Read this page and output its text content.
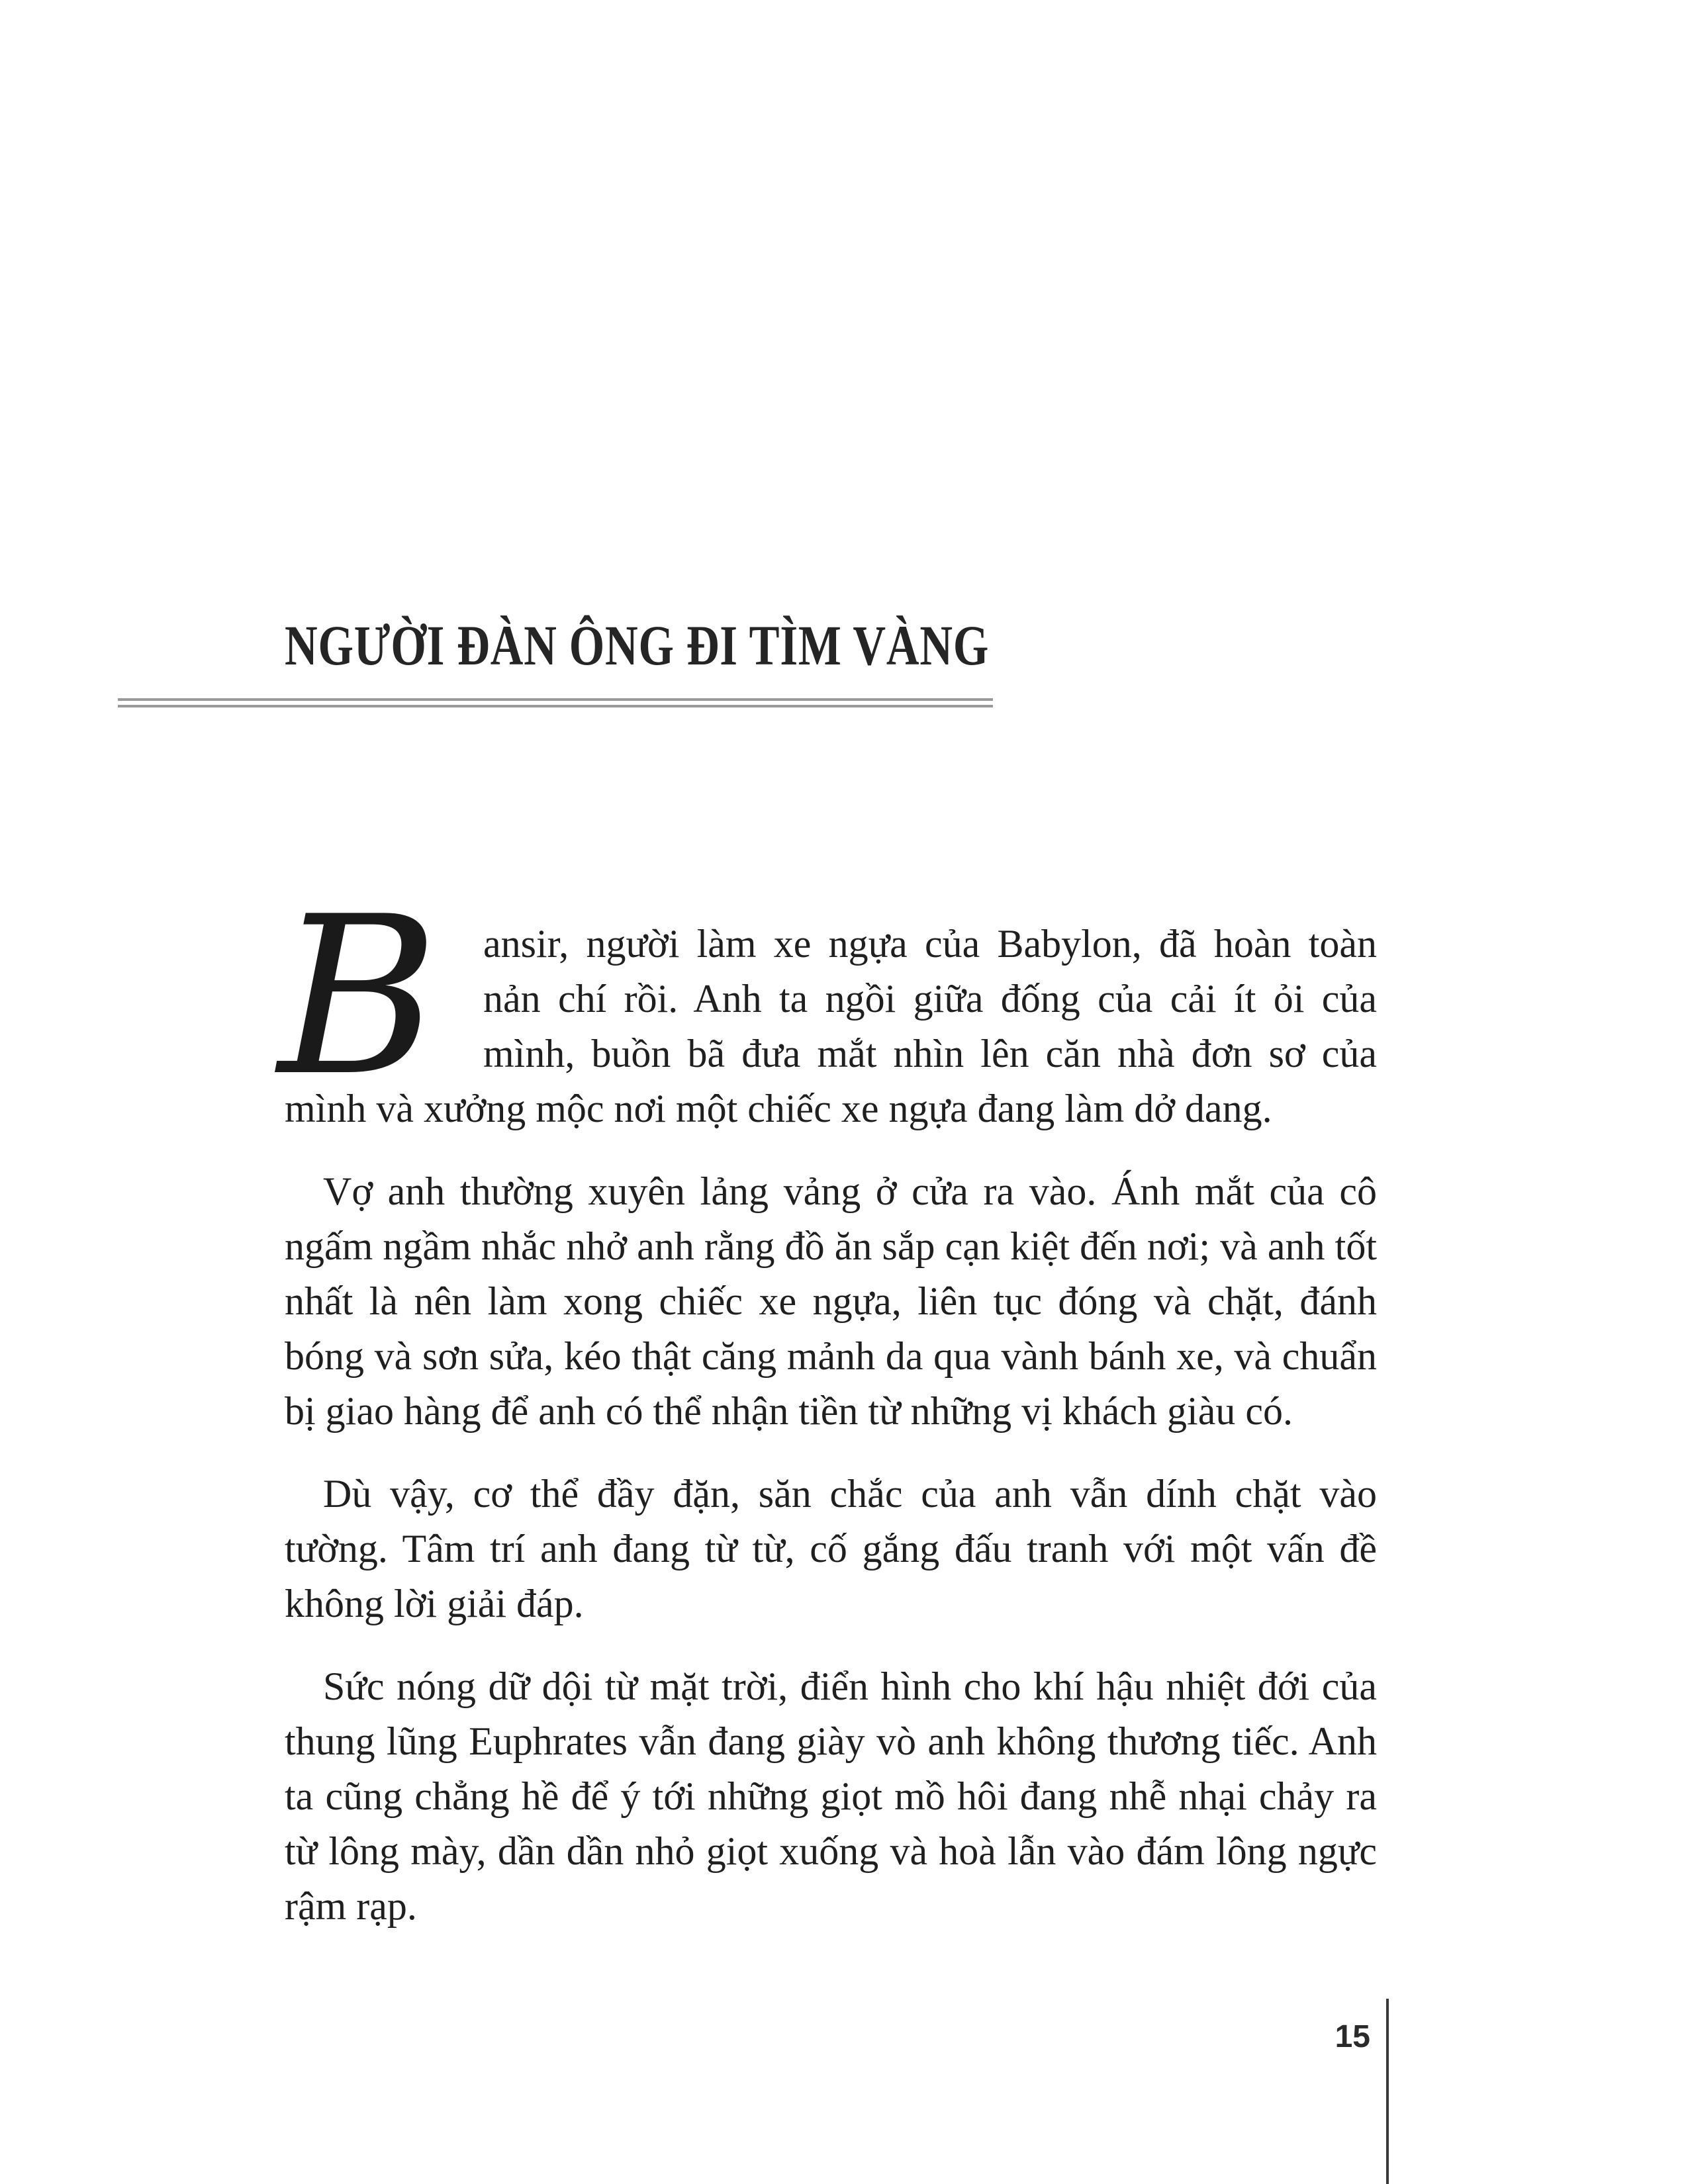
NGƯỜI ĐÀN ÔNG ĐI TÌM VÀNG

B	ansir, người làm xe ngựa của Babylon, đã hoàn toàn nản chí rồi. Anh ta ngồi giữa đống của cải ít ỏi của mình, buồn bã đưa mắt nhìn lên căn nhà đơn sơ của mình và xưởng mộc nơi một chiếc xe ngựa đang làm dở dang.

Vợ anh thường xuyên lảng vảng ở cửa ra vào. Ánh mắt của cô ngấm ngầm nhắc nhở anh rằng đồ ăn sắp cạn kiệt đến nơi; và anh tốt nhất là nên làm xong chiếc xe ngựa, liên tục đóng và chặt, đánh bóng và sơn sửa, kéo thật căng mảnh da qua vành bánh xe, và chuẩn bị giao hàng để anh có thể nhận tiền từ những vị khách giàu có.

Dù vậy, cơ thể đầy đặn, săn chắc của anh vẫn dính chặt vào tường. Tâm trí anh đang từ từ, cố gắng đấu tranh với một vấn đề không lời giải đáp.

Sức nóng dữ dội từ mặt trời, điển hình cho khí hậu nhiệt đới của thung lũng Euphrates vẫn đang giày vò anh không thương tiếc. Anh ta cũng chẳng hề để ý tới những giọt mồ hôi đang nhễ nhại chảy ra từ lông mày, dần dần nhỏ giọt xuống và hoà lẫn vào đám lông ngực rậm rạp.

15
